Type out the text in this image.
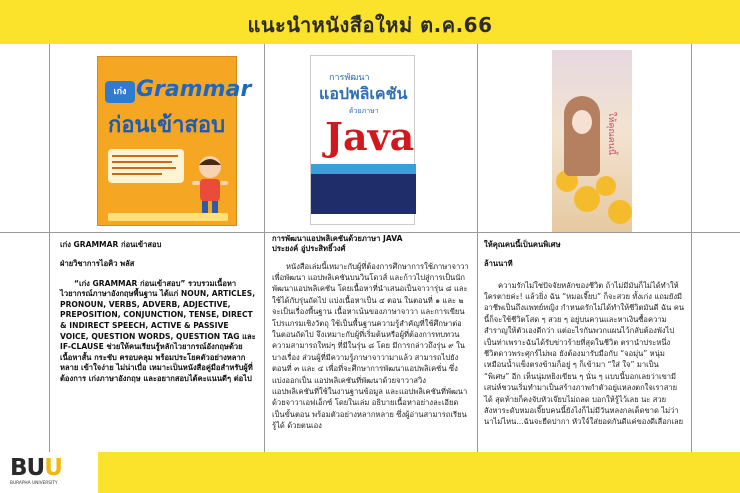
แนะนำหนังสือใหม่ ต.ค.66
เก่ง Grammar
ก่อนเข้าสอบ
การพัฒนา
แอปพลิเคชัน
ด้วยภาษา
Java	ให้คุณคนนี้
เก่ง GRAMMAR ก่อนเข้าสอบ
ฝ่ายวิชาการไอคิว พลัส
“เก่ง GRAMMAR ก่อนเข้าสอบ” รวบรวมเนื้อหาไวยากรณ์ภาษาอังกฤษพื้นฐาน ได้แก่ NOUN, ARTICLES, PRONOUN, VERBS, ADVERB, ADJECTIVE, PREPOSITION, CONJUNCTION, TENSE, DIRECT & INDIRECT SPEECH, ACTIVE & PASSIVE VOICE, QUESTION WORDS, QUESTION TAG และ IF-CLAUSE ช่วยให้คนเรียนรู้หลักไวยากรณ์อังกฤษด้วยเนื้อหาสั้น กระชับ ครอบคลุม พร้อมประโยคตัวอย่างหลากหลาย เข้าใจง่าย ไม่น่าเบื่อ เหมาะเป็นหนังสือคู่มือสำหรับผู้ที่ต้องการ เก่งภาษาอังกฤษ และอยากสอบได้คะแนนดีๆ ต่อไป
การพัฒนาแอปพลิเคชันด้วยภาษา JAVA
ประยงค์ อู่ประสิทธิ์วงศ์
หนังสือเล่มนี้เหมาะกับผู้ที่ต้องการศึกษาการใช้ภาษาจาวาเพื่อพัฒนา แอปพลิเคชันบนวินโดวส์ และก้าวไปสู่การเป็นนักพัฒนาแอปพลิเคชัน โดยเนื้อหาที่นำเสนอเป็นจาวารุ่น ๘ และใช้ได้กับรุ่นถัดไป แบ่งเนื้อหาเป็น ๔ ตอน ในตอนที่ ๑ และ ๒ จะเป็นเรื่องพื้นฐาน เนื้อหาเน้นของภาษาจาวา และการเขียนโปรแกรมเชิงวัตถุ ใช้เป็นพื้นฐานความรู้สำคัญที่ใช้ศึกษาต่อในตอนถัดไป จึงเหมาะกับผู้ที่เริ่มต้นหรือผู้ที่ต้องการทบทวนความสามารถใหม่ๆ ที่มีในรุ่น ๘ โดย มีการกล่าวถึงรุ่น ๙ ในบางเรื่อง ส่วนผู้ที่มีความรู้ภาษาจาวามาแล้ว สามารถไปยังตอนที่ ๓ และ ๔ เพื่อที่จะศึกษาการพัฒนาแอปพลิเคชั่น ซึ่งแบ่งออกเป็น แอปพลิเคชันที่พัฒนาด้วยจาวาสวิง แอปพลิเคชันที่ใช้ในงานฐานข้อมูล และแอปพลิเคชันที่พัฒนาด้วยจาวาเอฟเอ็กซ์ โดยในเล่ม อธิบายเนื้อหาอย่างละเอียด เป็นขั้นตอน พร้อมตัวอย่างหลากหลาย ซึ่งผู้อ่านสามารถเรียนรู้ได้ ด้วยตนเอง
ให้คุณคนนี้เป็นคนพิเศษ
ล้านนาที
ความรักไม่ใช่ปัจจัยหลักของชีวิต ถ้าไม่มีมันก็ไม่ได้ทำให้ใครตายค่ะ! แล้วยิ่ง ฉัน “หมอเจี๊ยบ” ก็จะสวย ทั้งเก่ง แถมยังมีอาชีพเป็นถึงแพทย์หญิง กำหนดรักไม่ได้ทำให้ชีวิตมันดี ฉัน คนนี้ก็จะใช้ชีวิตโสด ๆ สวย ๆ อยู่บนคานและหาเงินซื้อความสำราญให้ตัวเองดีกว่า แต่อะไรกันพวกแผนไว้กลับต้องพังไปเป็นท่าเพราะฉันได้รับข่าวร้ายที่สุดในชีวิต ตรานำประหนึ่งชีวิตดาวพระศุกร์ไม่พอ ยังต้องมารับมือกับ “จอมุ่น” หนุ่มเหมือนน้ำแข็งตรงข้ามก็อยู่ ๆ ก็เข้ามา “ใส่ ใจ” มาเป็น “พิเศษ” อีก เห็นนุ่มหยิงเขียน ๆ นั่น ๆ แบบนี้บอกเลยว่าเขามีเสน่ห์ชวนเริ่มทำมาเป็นสร้างภาพกำตัวอยู่แหลงตกใจเราสายได้ สุดท้ายก็คงจับหัวเจ๊ยบไม่ถลด บอกให้รู้ไว้เลย นะ สวยสังหาระดับหมอเจี๊ยบคนนี้ยังไงก็ไม่มีวันหลงกลเด็ดขาด ไม่ว่านาไม่ไหน...ฉันจะยืดปากา หัวใจ์ใส่ยอดกันดีแค่ของดีเลือกเลย
BUU
BURAPHA UNIVERSITY
